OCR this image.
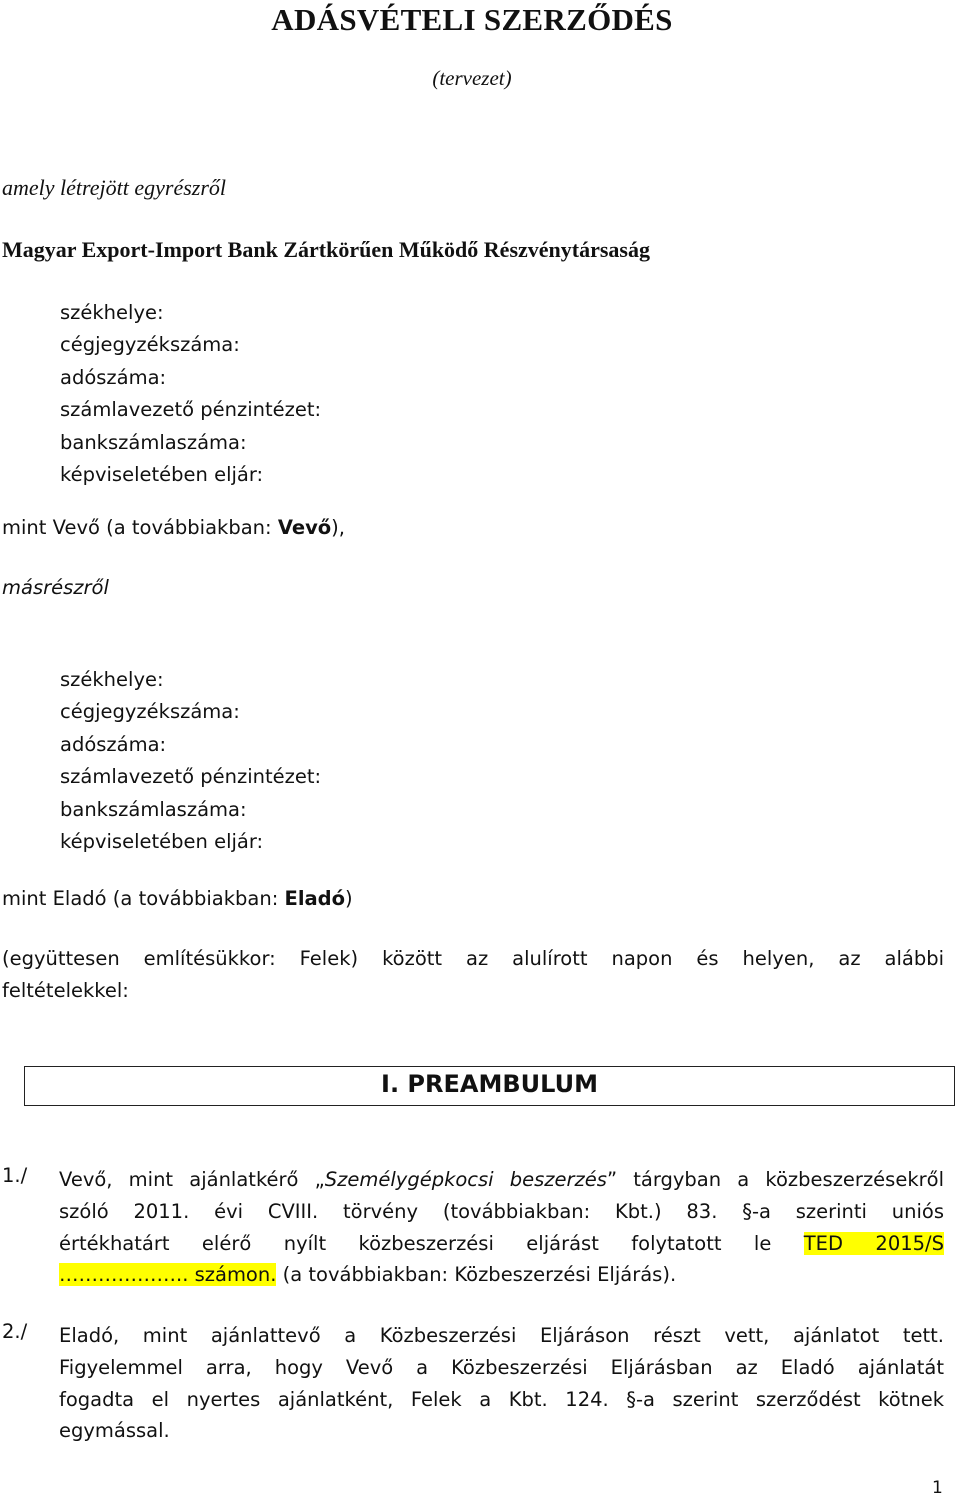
ADÁSVÉTELI SZERZŐDÉS
(tervezet)
amely létrejött egyrészről
Magyar Export-Import Bank Zártkörűen Működő Részvénytársaság
székhelye:
cégjegyzékszáma:
adószáma:
számlavezető pénzintézet:
bankszámlaszáma:
képviseletében eljár:
mint Vevő (a továbbiakban: Vevő),
másrészről
székhelye:
cégjegyzékszáma:
adószáma:
számlavezető pénzintézet:
bankszámlaszáma:
képviseletében eljár:
mint Eladó (a továbbiakban: Eladó)
(együttesen említésükkor: Felek) között az alulírott napon és helyen, az alábbi
feltételekkel:
I. PREAMBULUM
1./ Vevő, mint ajánlatkérő „Személygépkocsi beszerzés” tárgyban a közbeszerzésekről
szóló 2011. évi CVIII. törvény (továbbiakban: Kbt.) 83. §-a szerinti uniós
értékhatárt elérő nyílt közbeszerzési eljárást folytatott le TED 2015/S
……………….. számon. (a továbbiakban: Közbeszerzési Eljárás).
2./ Eladó, mint ajánlattevő a Közbeszerzési Eljáráson részt vett, ajánlatot tett.
Figyelemmel arra, hogy Vevő a Közbeszerzési Eljárásban az Eladó ajánlatát
fogadta el nyertes ajánlatként, Felek a Kbt. 124. §-a szerint szerződést kötnek
egymással.
1
